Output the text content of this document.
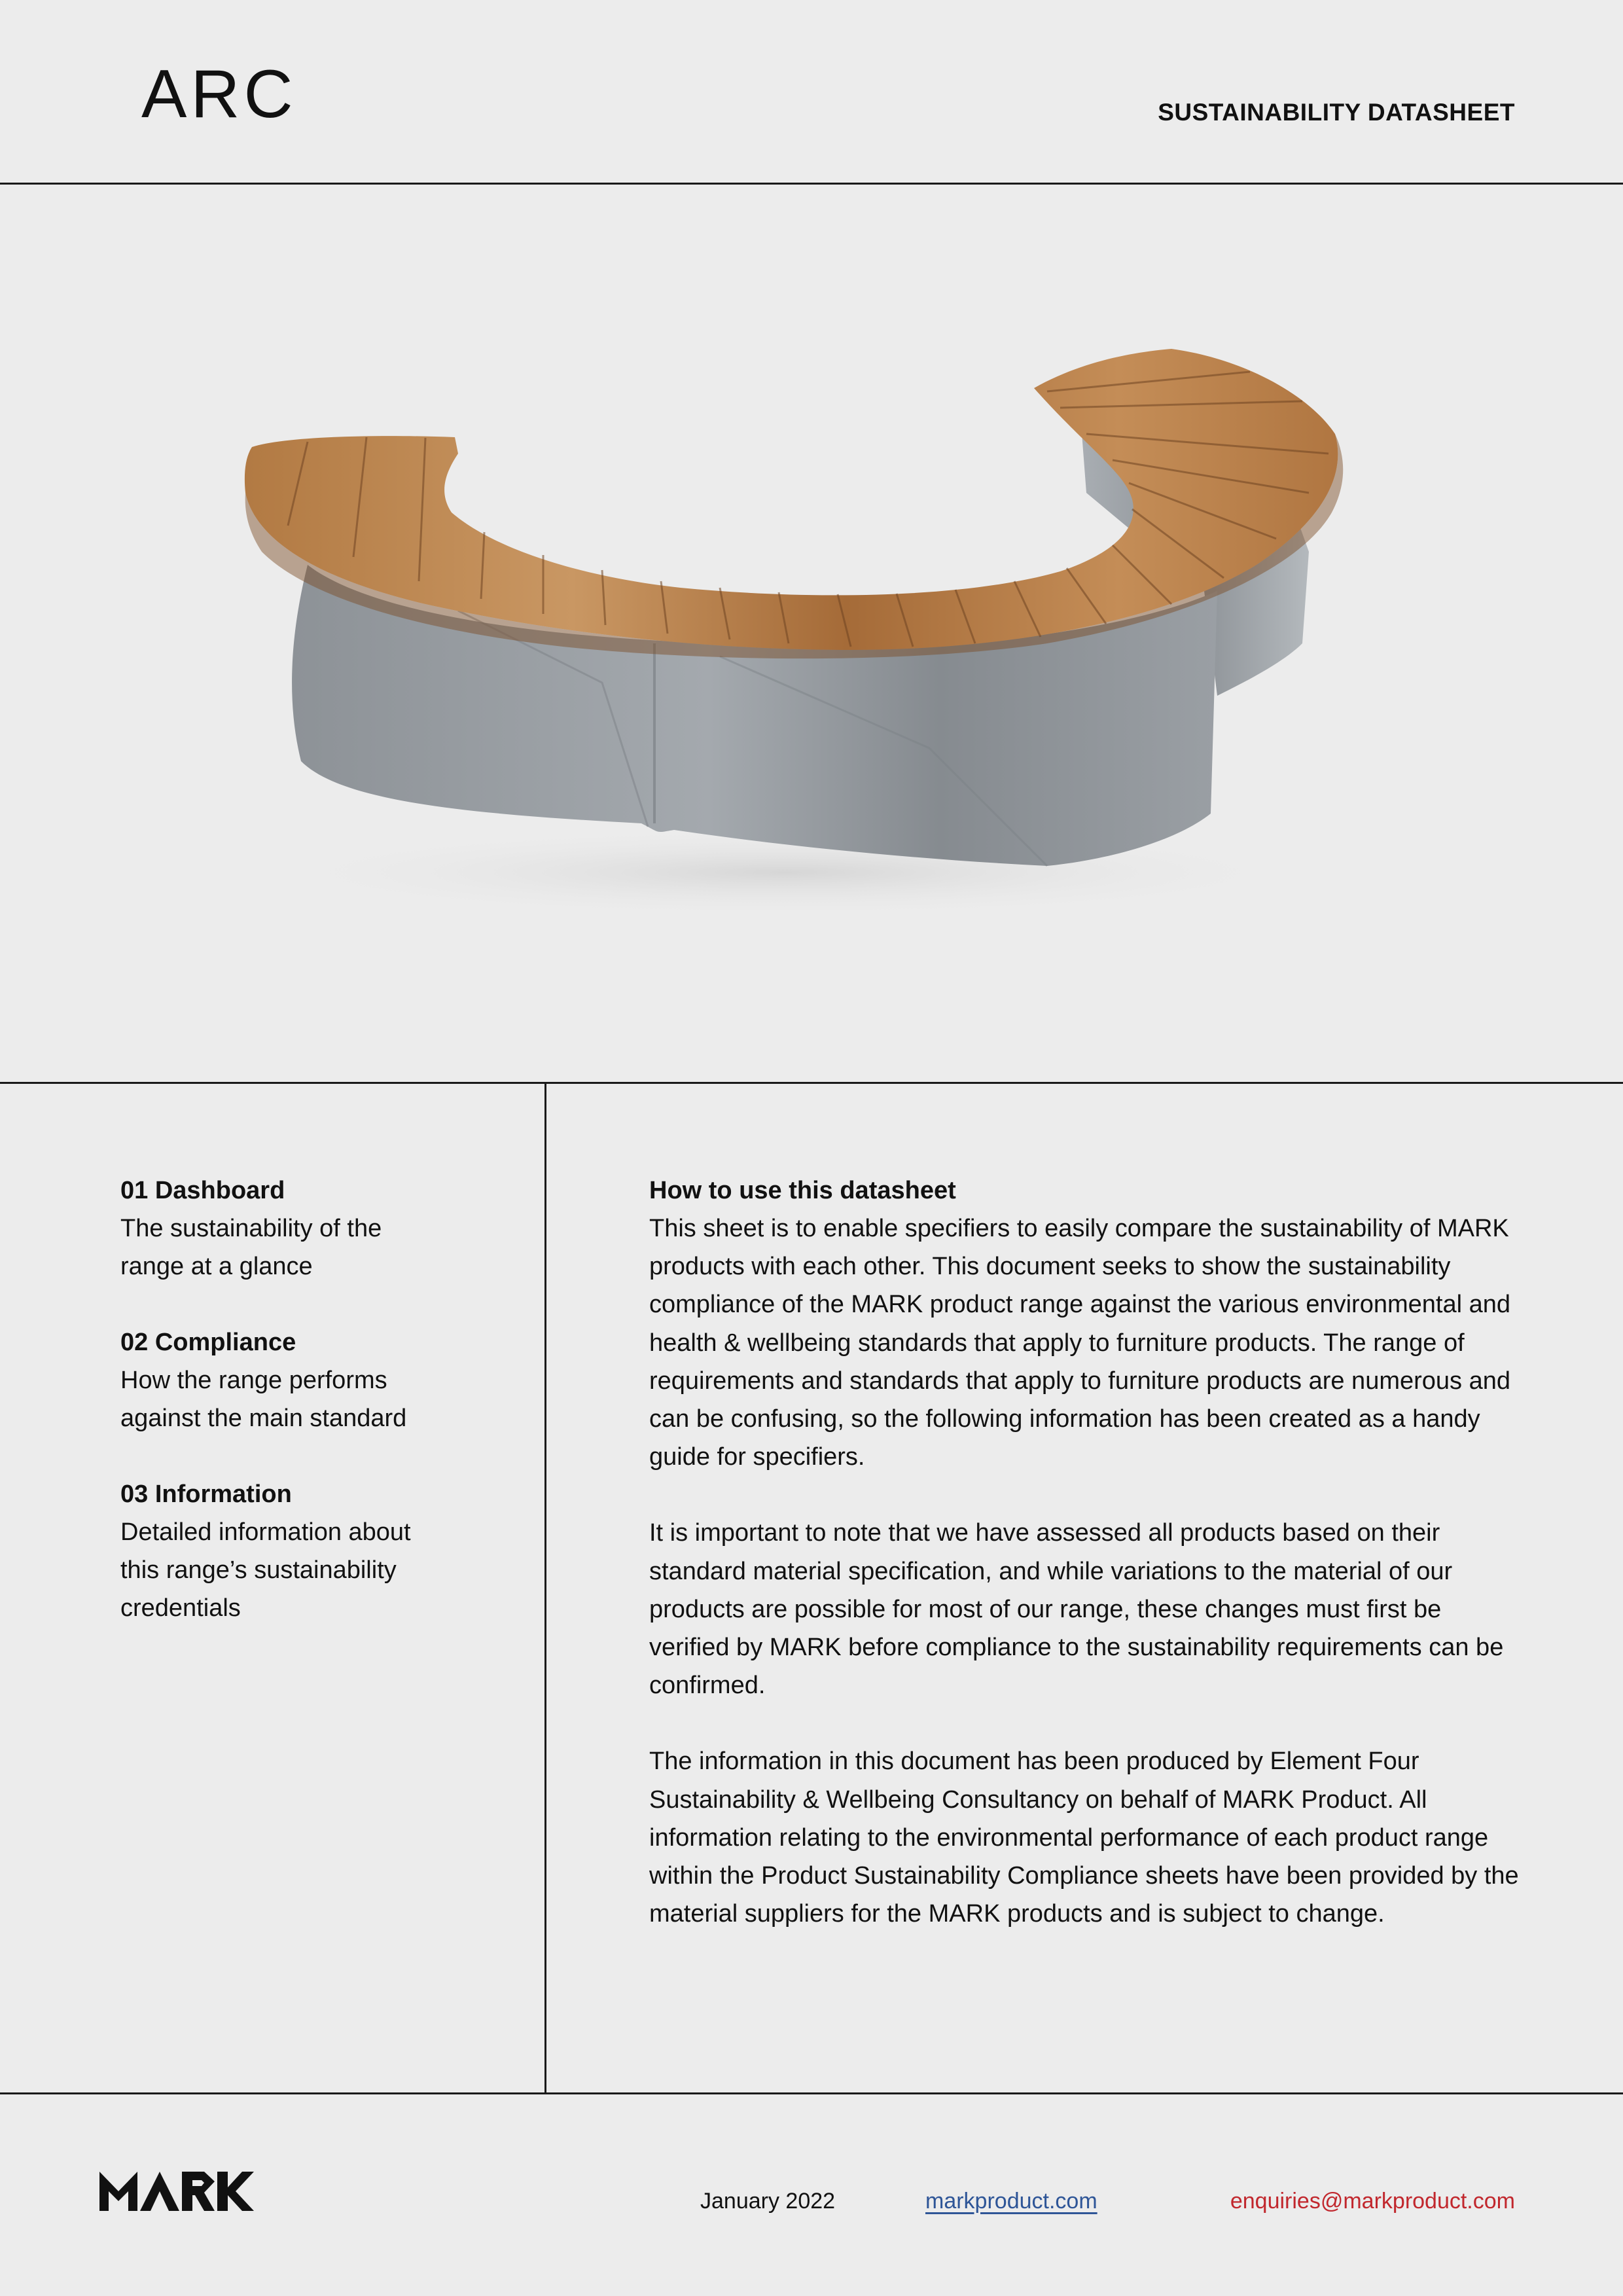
ARC	SUSTAINABILITY DATASHEET
01 Dashboard
The sustainability of the
range at a glance
02 Compliance
How the range performs
against the main standard
03 Information
Detailed information about
this range’s sustainability
credentials
How to use this datasheet

This sheet is to enable specifiers to easily compare the sustainability of MARK products with each other. This document seeks to show the sustainability compliance of the MARK product range against the various environmental and health & wellbeing standards that apply to furniture products. The range of requirements and standards that apply to furniture products are numerous and can be confusing, so the following information has been created as a handy guide for specifiers.

It is important to note that we have assessed all products based on their standard material specification, and while variations to the material of our products are possible for most of our range, these changes must first be verified by MARK before compliance to the sustainability requirements can be confirmed.

The information in this document has been produced by Element Four Sustainability & Wellbeing Consultancy on behalf of MARK Product. All information relating to the environmental performance of each product range within the Product Sustainability Compliance sheets have been provided by the material suppliers for the MARK products and is subject to change.

January 2022	markproduct.com	enquiries@markproduct.com
